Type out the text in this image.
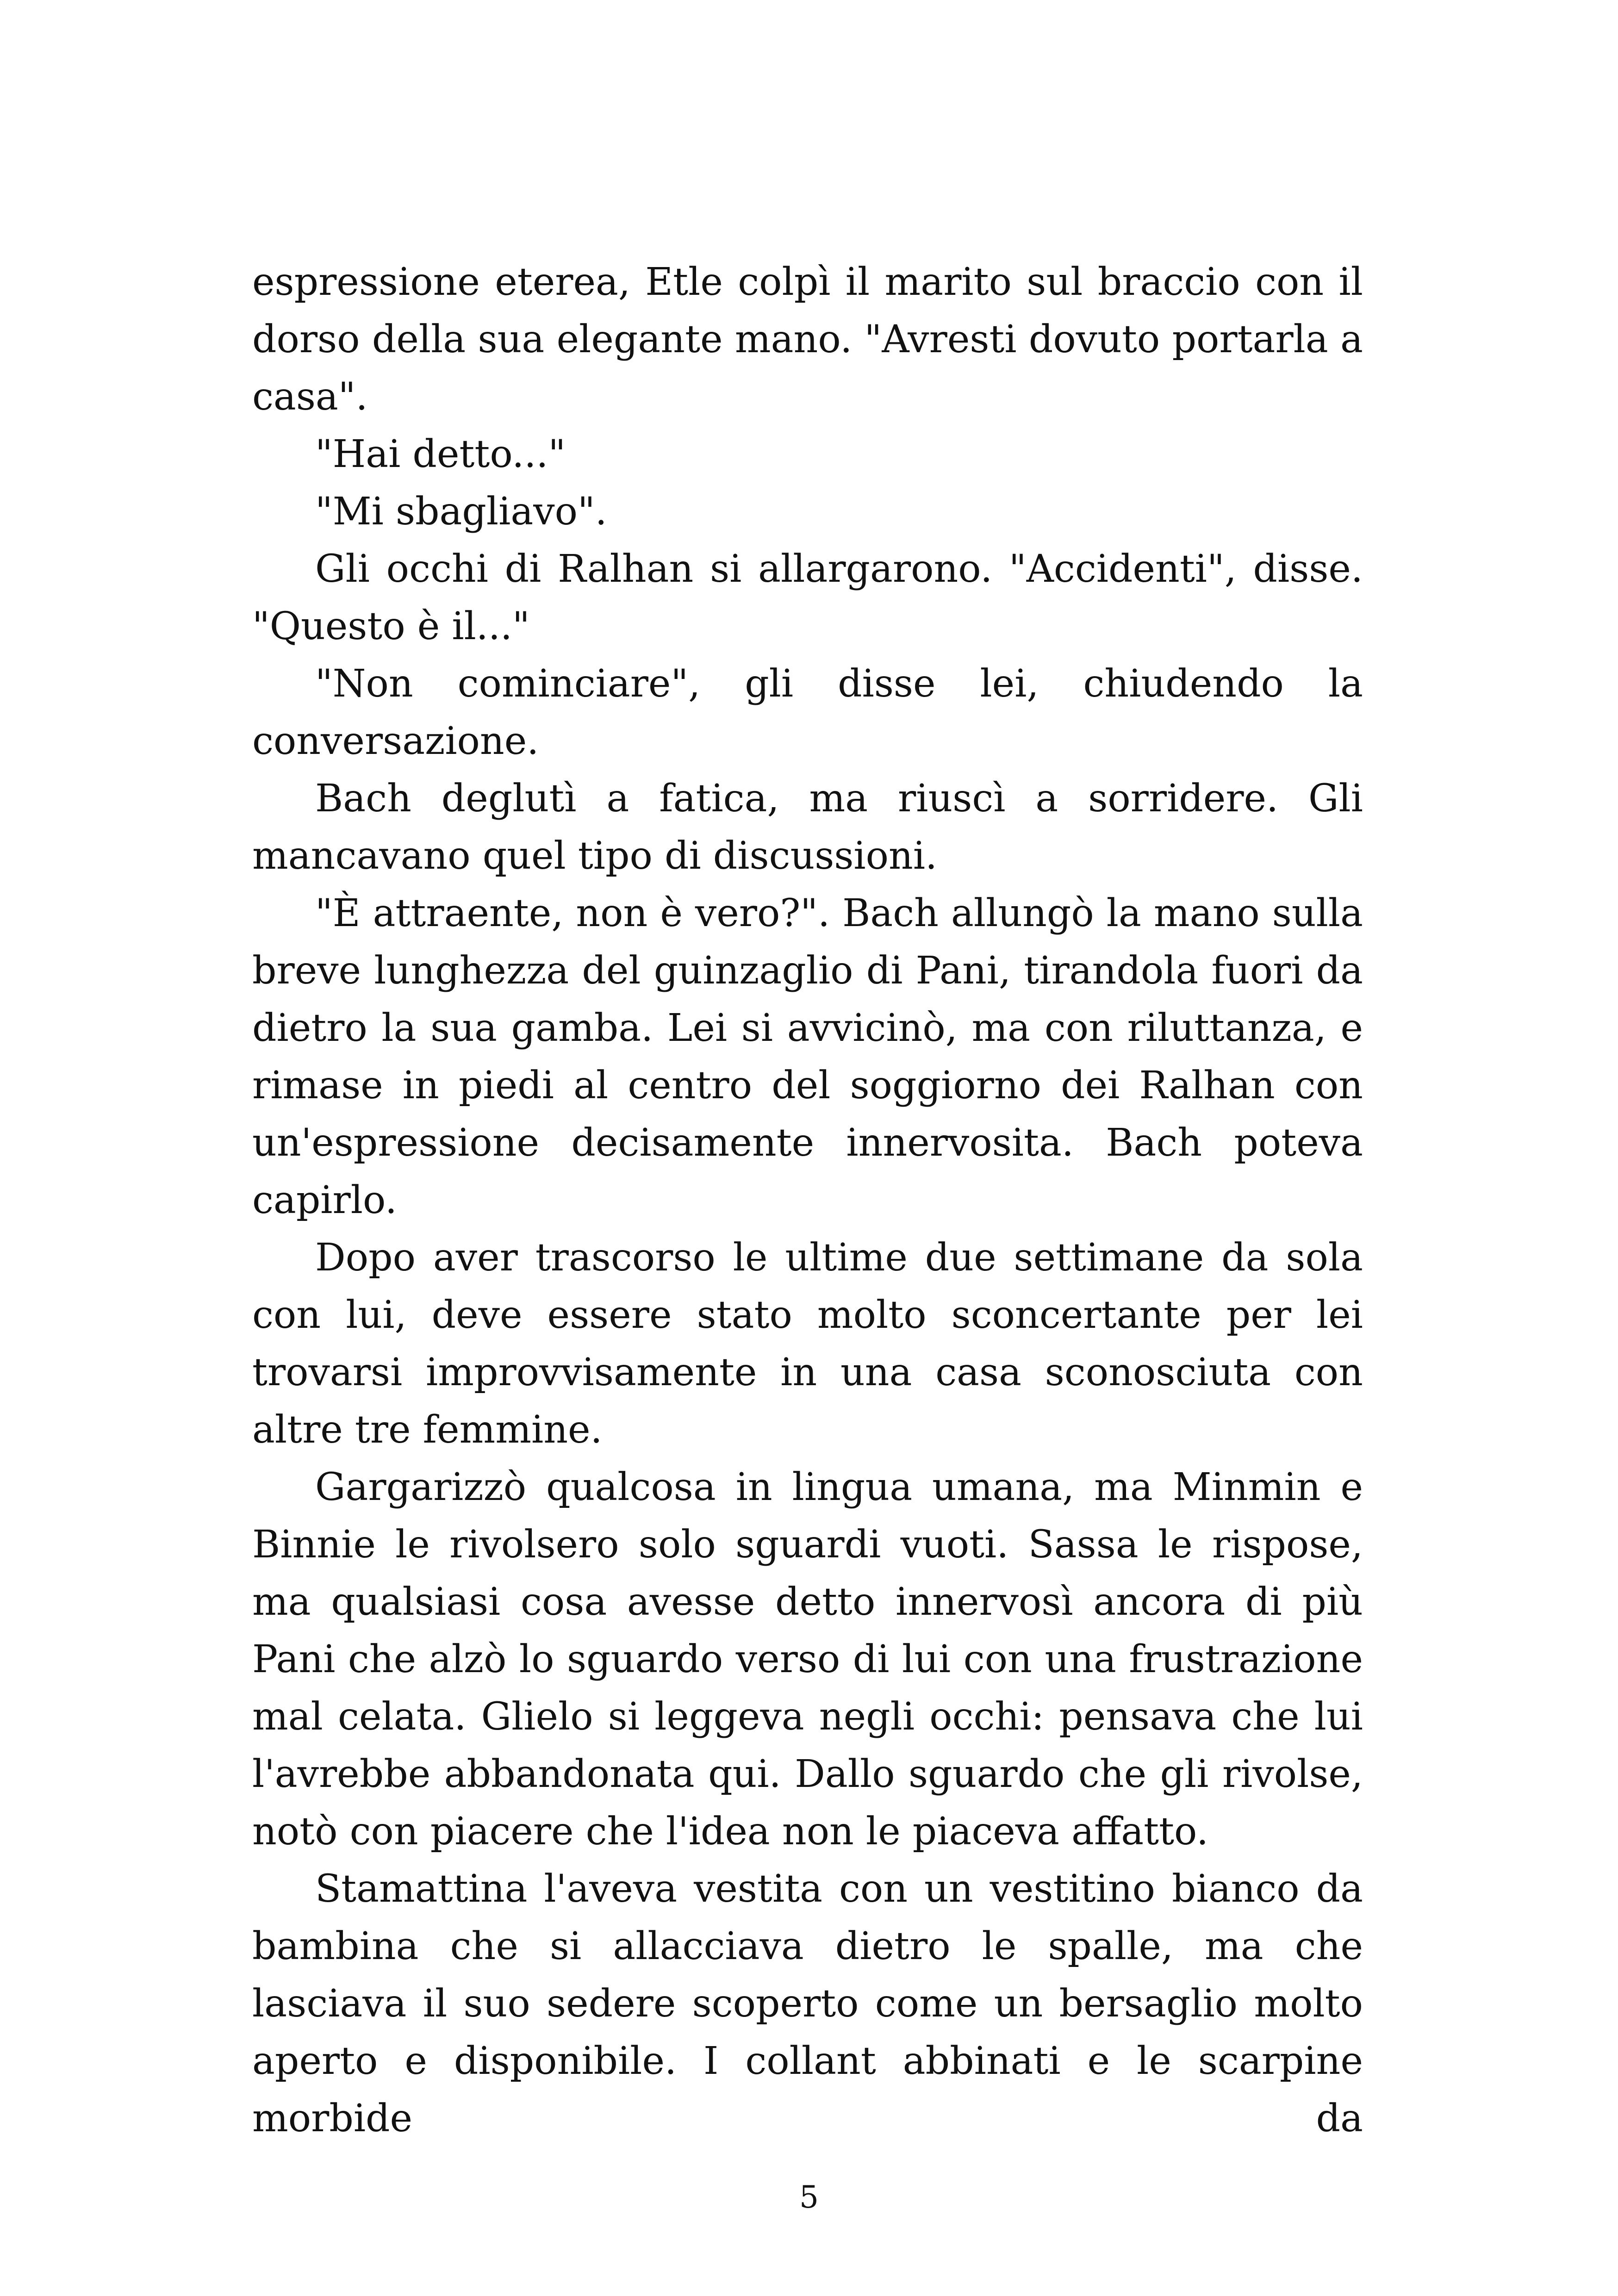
espressione eterea, Etle colpì il marito sul braccio con il dorso della sua elegante mano. "Avresti dovuto portarla a casa".

"Hai detto..."

"Mi sbagliavo".

Gli occhi di Ralhan si allargarono. "Accidenti", disse. "Questo è il..."

"Non cominciare", gli disse lei, chiudendo la conversazione.

Bach deglutì a fatica, ma riuscì a sorridere. Gli mancavano quel tipo di discussioni.

"È attraente, non è vero?". Bach allungò la mano sulla breve lunghezza del guinzaglio di Pani, tirandola fuori da dietro la sua gamba. Lei si avvicinò, ma con riluttanza, e rimase in piedi al centro del soggiorno dei Ralhan con un'espressione decisamente innervosita. Bach poteva capirlo.

Dopo aver trascorso le ultime due settimane da sola con lui, deve essere stato molto sconcertante per lei trovarsi improvvisamente in una casa sconosciuta con altre tre femmine.

Gargarizzò qualcosa in lingua umana, ma Minmin e Binnie le rivolsero solo sguardi vuoti. Sassa le rispose, ma qualsiasi cosa avesse detto innervosì ancora di più Pani che alzò lo sguardo verso di lui con una frustrazione mal celata. Glielo si leggeva negli occhi: pensava che lui l'avrebbe abbandonata qui. Dallo sguardo che gli rivolse, notò con piacere che l'idea non le piaceva affatto.

Stamattina l'aveva vestita con un vestitino bianco da bambina che si allacciava dietro le spalle, ma che lasciava il suo sedere scoperto come un bersaglio molto aperto e disponibile. I collant abbinati e le scarpine morbide da

5
